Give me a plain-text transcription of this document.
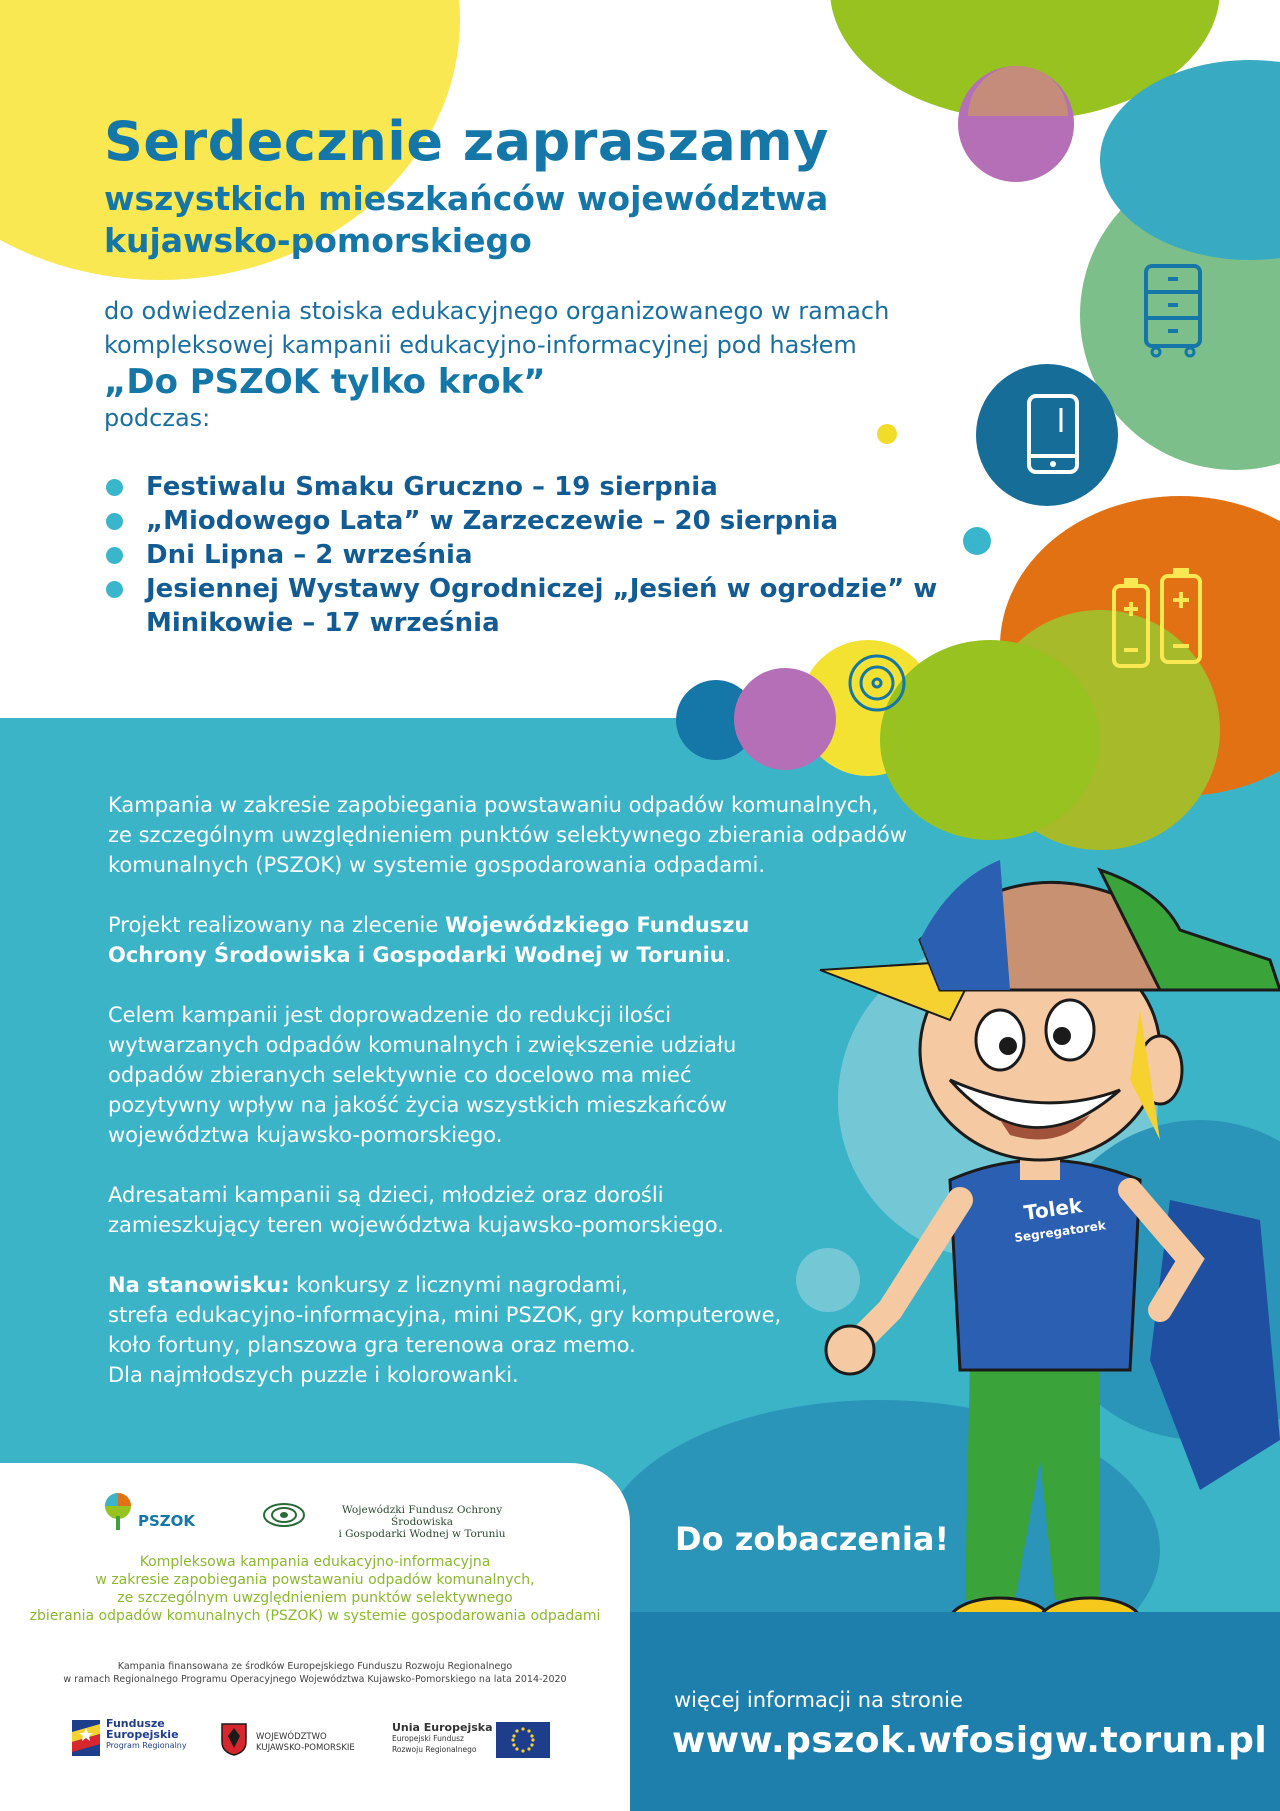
Serdecznie zapraszamy
wszystkich mieszkańców województwa
kujawsko-pomorskiego
do odwiedzenia stoiska edukacyjnego organizowanego w ramach
kompleksowej kampanii edukacyjno-informacyjnej pod hasłem
„Do PSZOK tylko krok”
podczas:
Festiwalu Smaku Gruczno – 19 sierpnia
„Miodowego Lata” w Zarzeczewie – 20 sierpnia
Dni Lipna – 2 września
Jesiennej Wystawy Ogrodniczej „Jesień w ogrodzie” w Minikowie – 17 września

Kampania w zakresie zapobiegania powstawaniu odpadów komunalnych, ze szczególnym uwzględnieniem punktów selektywnego zbierania odpadów komunalnych (PSZOK) w systemie gospodarowania odpadami.

Projekt realizowany na zlecenie Wojewódzkiego Funduszu Ochrony Środowiska i Gospodarki Wodnej w Toruniu.

Celem kampanii jest doprowadzenie do redukcji ilości wytwarzanych odpadów komunalnych i zwiększenie udziału odpadów zbieranych selektywnie co docelowo ma mieć pozytywny wpływ na jakość życia wszystkich mieszkańców województwa kujawsko-pomorskiego.

Adresatami kampanii są dzieci, młodzież oraz dorośli zamieszkujący teren województwa kujawsko-pomorskiego.

Na stanowisku: konkursy z licznymi nagrodami,
strefa edukacyjno-informacyjna, mini PSZOK, gry komputerowe,
koło fortuny, planszowa gra terenowa oraz memo.
Dla najmłodszych puzzle i kolorowanki.

Tolek
Segregatorek
Do zobaczenia!
więcej informacji na stronie
www.pszok.wfosigw.torun.pl
PSZOK
Wojewódzki Fundusz Ochrony Środowiska
i Gospodarki Wodnej w Toruniu
Kompleksowa kampania edukacyjno-informacyjna
w zakresie zapobiegania powstawaniu odpadów komunalnych,
ze szczególnym uwzględnieniem punktów selektywnego
zbierania odpadów komunalnych (PSZOK) w systemie gospodarowania odpadami
Kampania finansowana ze środków Europejskiego Funduszu Rozwoju Regionalnego
w ramach Regionalnego Programu Operacyjnego Województwa Kujawsko-Pomorskiego na lata 2014-2020
Fundusze
Europejskie
Program Regionalny
WOJEWÓDZTWO
KUJAWSKO-POMORSKIE
Unia Europejska
Europejski Fundusz
Rozwoju Regionalnego
